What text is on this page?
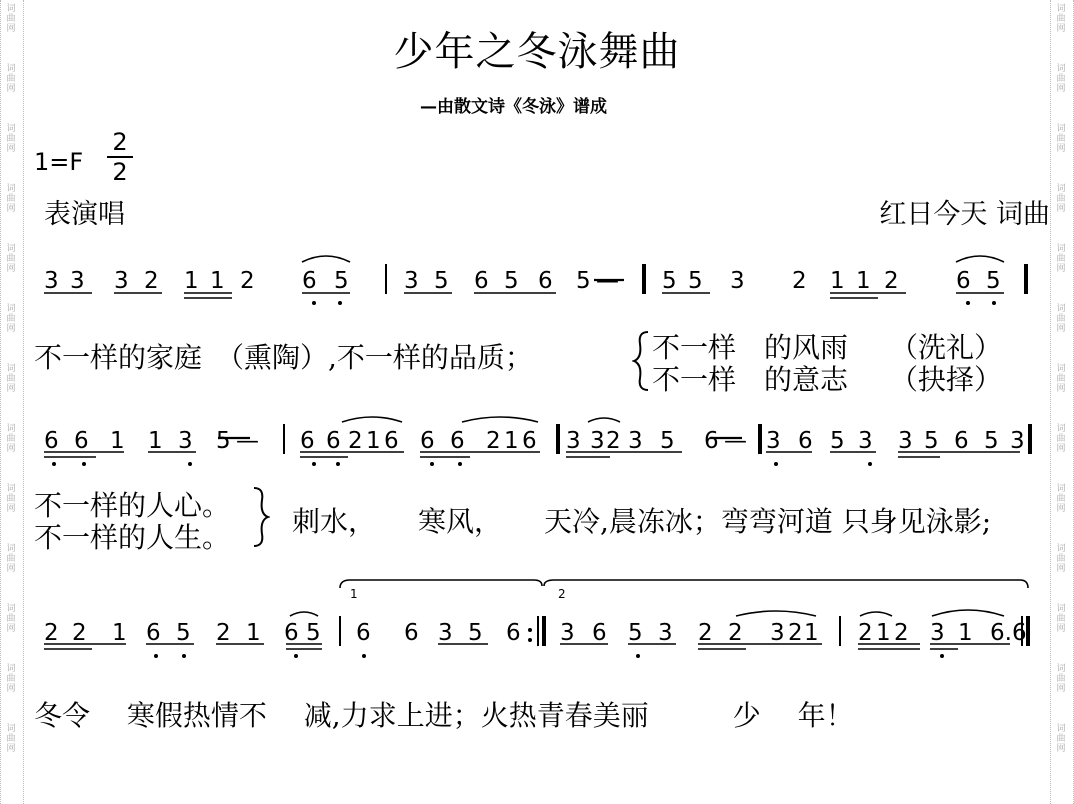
词
曲
网
词
曲
网
词
曲
网
词
曲
网
词
曲
网
词
曲
网
词
曲
网
词
曲
网
词
曲
网
词
曲
网
词
曲
网
词
曲
网
词
曲
网
词
曲
网
词
曲
网
词
曲
网
词
曲
网
词
曲
网
词
曲
网
词
曲
网
词
曲
网
词
曲
网
词
曲
网
词
曲
网
词
曲
网
词
曲
网
少年之冬泳舞曲
—由散文诗《冬泳》谱成
1=F
2
2
表演唱	红日今天 词曲
3 3 3 2 1 1 2 6 5 3 5 6 5 6 5 — 5 5 3 2 1 1 2 6 5
不一样的家庭　（熏陶）,不一样的品质；	不一样　的风雨　　（洗礼）
不一样　的意志　　（抉择）
6 6 1 1 3 5 — 6 6 2 1 6 6 6 2 1 6 3 3 2 3 5 6 — 3 6 5 3 3 5 6 5 3
不一样的人心。
不一样的人生。 刺水，　　寒风，　　天冷,晨冻冰；弯弯河道 只身见泳影;
1	2
2 2 1 6 5 2 1 6 5 6 6 3 5 6 3 6 5 3 2 2 3 2 1 2 1 2 3 1 6. 6
冬令　 寒假热情不　 减,力求上进；火热青春美丽　　　少　 年！
